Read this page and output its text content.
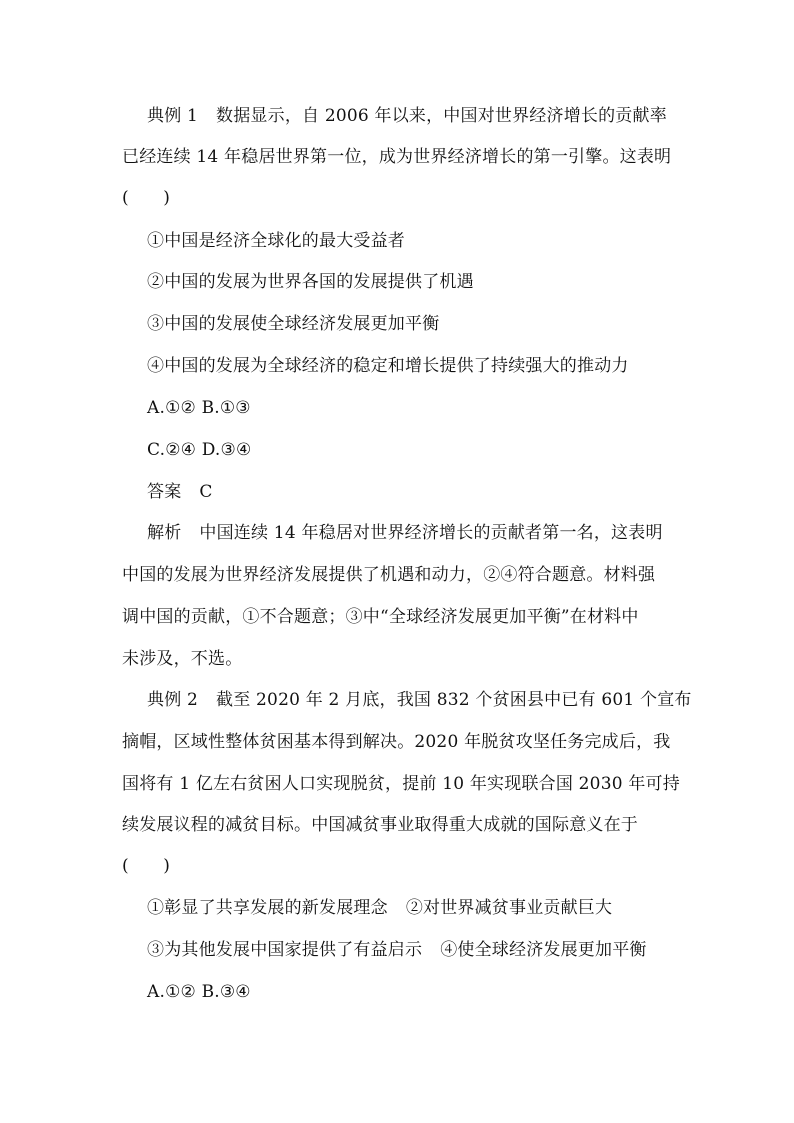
典例 1 数据显示，自 2006 年以来，中国对世界经济增长的贡献率
已经连续 14 年稳居世界第一位，成为世界经济增长的第一引擎。这表明
(　　)
①中国是经济全球化的最大受益者
②中国的发展为世界各国的发展提供了机遇
③中国的发展使全球经济发展更加平衡
④中国的发展为全球经济的稳定和增长提供了持续强大的推动力
A.①② B.①③
C.②④ D.③④
答案 C
解析 中国连续 14 年稳居对世界经济增长的贡献者第一名，这表明
中国的发展为世界经济发展提供了机遇和动力，②④符合题意。材料强
调中国的贡献，①不合题意；③中“全球经济发展更加平衡”在材料中
未涉及，不选。
典例 2 截至 2020 年 2 月底，我国 832 个贫困县中已有 601 个宣布
摘帽，区域性整体贫困基本得到解决。2020 年脱贫攻坚任务完成后，我
国将有 1 亿左右贫困人口实现脱贫，提前 10 年实现联合国 2030 年可持
续发展议程的减贫目标。中国减贫事业取得重大成就的国际意义在于
(　　)
①彰显了共享发展的新发展理念 ②对世界减贫事业贡献巨大
③为其他发展中国家提供了有益启示 ④使全球经济发展更加平衡
A.①② B.③④
